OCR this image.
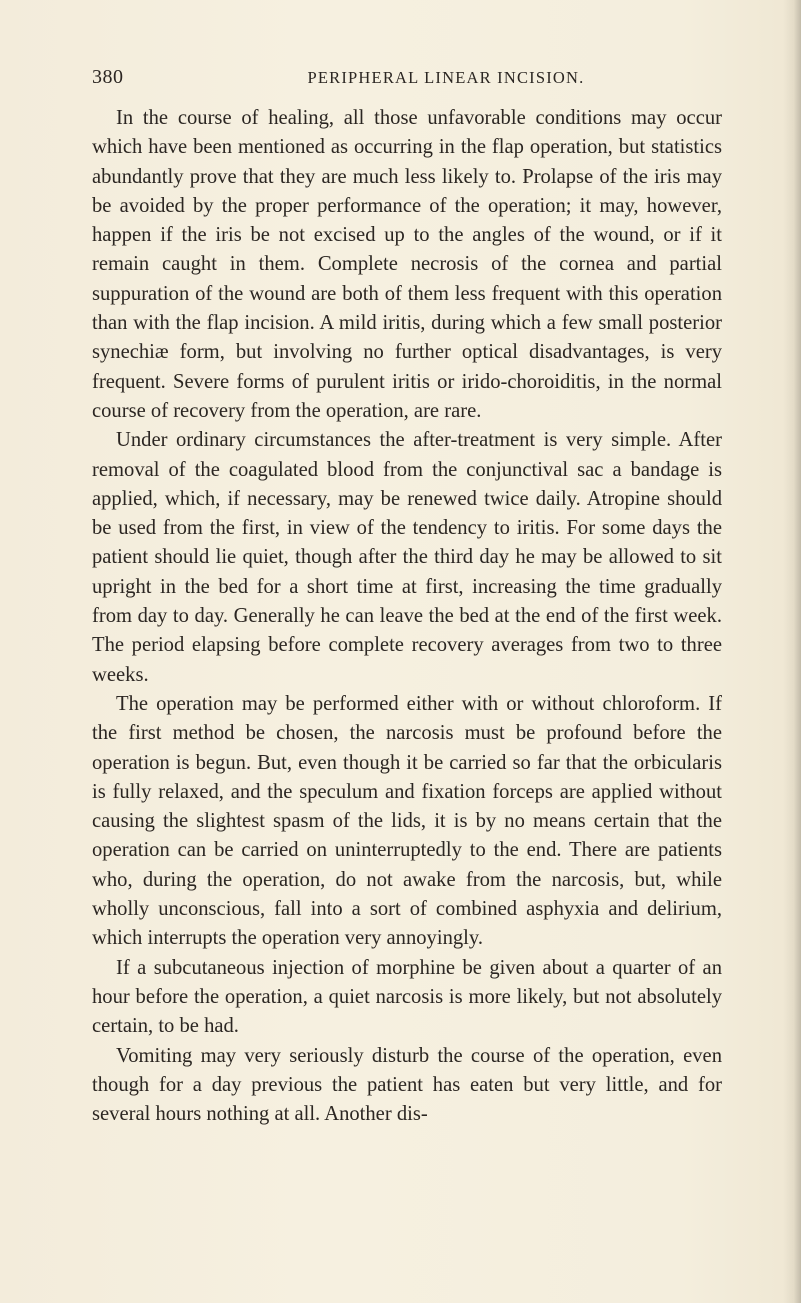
380	PERIPHERAL LINEAR INCISION.

In the course of healing, all those unfavorable conditions may occur which have been mentioned as occurring in the flap operation, but statistics abundantly prove that they are much less likely to. Prolapse of the iris may be avoided by the proper performance of the operation; it may, however, happen if the iris be not excised up to the angles of the wound, or if it remain caught in them. Complete necrosis of the cornea and partial suppuration of the wound are both of them less frequent with this operation than with the flap incision. A mild iritis, during which a few small posterior synechiæ form, but involving no further optical disadvantages, is very frequent. Severe forms of purulent iritis or irido-choroiditis, in the normal course of recovery from the operation, are rare.

Under ordinary circumstances the after-treatment is very simple. After removal of the coagulated blood from the conjunctival sac a bandage is applied, which, if necessary, may be renewed twice daily. Atropine should be used from the first, in view of the tendency to iritis. For some days the patient should lie quiet, though after the third day he may be allowed to sit upright in the bed for a short time at first, increasing the time gradually from day to day. Generally he can leave the bed at the end of the first week. The period elapsing before complete recovery averages from two to three weeks.

The operation may be performed either with or without chloroform. If the first method be chosen, the narcosis must be profound before the operation is begun. But, even though it be carried so far that the orbicularis is fully relaxed, and the speculum and fixation forceps are applied without causing the slightest spasm of the lids, it is by no means certain that the operation can be carried on uninterruptedly to the end. There are patients who, during the operation, do not awake from the narcosis, but, while wholly unconscious, fall into a sort of combined asphyxia and delirium, which interrupts the operation very annoyingly.

If a subcutaneous injection of morphine be given about a quarter of an hour before the operation, a quiet narcosis is more likely, but not absolutely certain, to be had.

Vomiting may very seriously disturb the course of the operation, even though for a day previous the patient has eaten but very little, and for several hours nothing at all. Another dis-
